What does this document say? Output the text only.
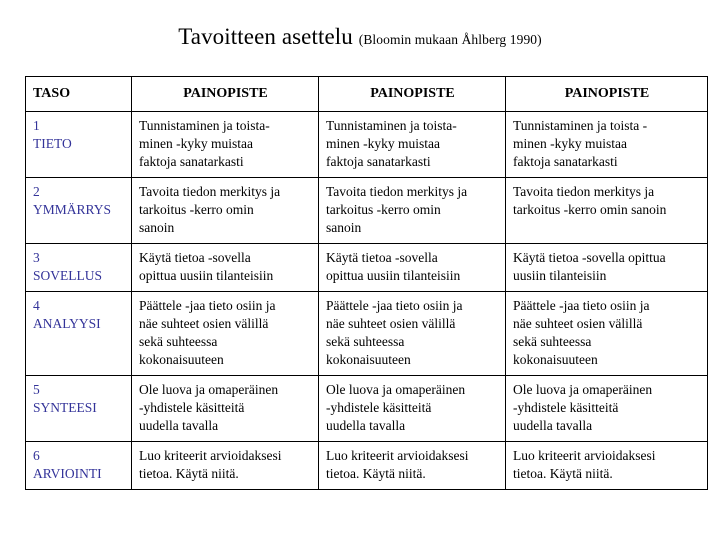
Tavoitteen asettelu (Bloomin mukaan Åhlberg 1990)
TASO	PAINOPISTE	PAINOPISTE	PAINOPISTE

1
TIETO	Tunnistaminen ja toista-
minen -kyky muistaa
faktoja sanatarkasti	Tunnistaminen ja toista-
minen -kyky muistaa
faktoja sanatarkasti	Tunnistaminen ja toista -
minen -kyky muistaa
faktoja sanatarkasti

2
YMMÄRRYS	Tavoita tiedon merkitys ja
tarkoitus -kerro omin
sanoin	Tavoita tiedon merkitys ja
tarkoitus -kerro omin
sanoin	Tavoita tiedon merkitys ja
tarkoitus -kerro omin sanoin

3
SOVELLUS	Käytä tietoa -sovella
opittua uusiin tilanteisiin	Käytä tietoa -sovella
opittua uusiin tilanteisiin	Käytä tietoa -sovella opittua
uusiin tilanteisiin

4
ANALYYSI	Päättele -jaa tieto osiin ja
näe suhteet osien välillä
sekä suhteessa
kokonaisuuteen	Päättele -jaa tieto osiin ja
näe suhteet osien välillä
sekä suhteessa
kokonaisuuteen	Päättele -jaa tieto osiin ja
näe suhteet osien välillä
sekä suhteessa
kokonaisuuteen

5
SYNTEESI	Ole luova ja omaperäinen
-yhdistele käsitteitä
uudella tavalla	Ole luova ja omaperäinen
-yhdistele käsitteitä
uudella tavalla	Ole luova ja omaperäinen
-yhdistele käsitteitä
uudella tavalla

6
ARVIOINTI	Luo kriteerit arvioidaksesi
tietoa. Käytä niitä.	Luo kriteerit arvioidaksesi
tietoa. Käytä niitä.	Luo kriteerit arvioidaksesi
tietoa. Käytä niitä.
